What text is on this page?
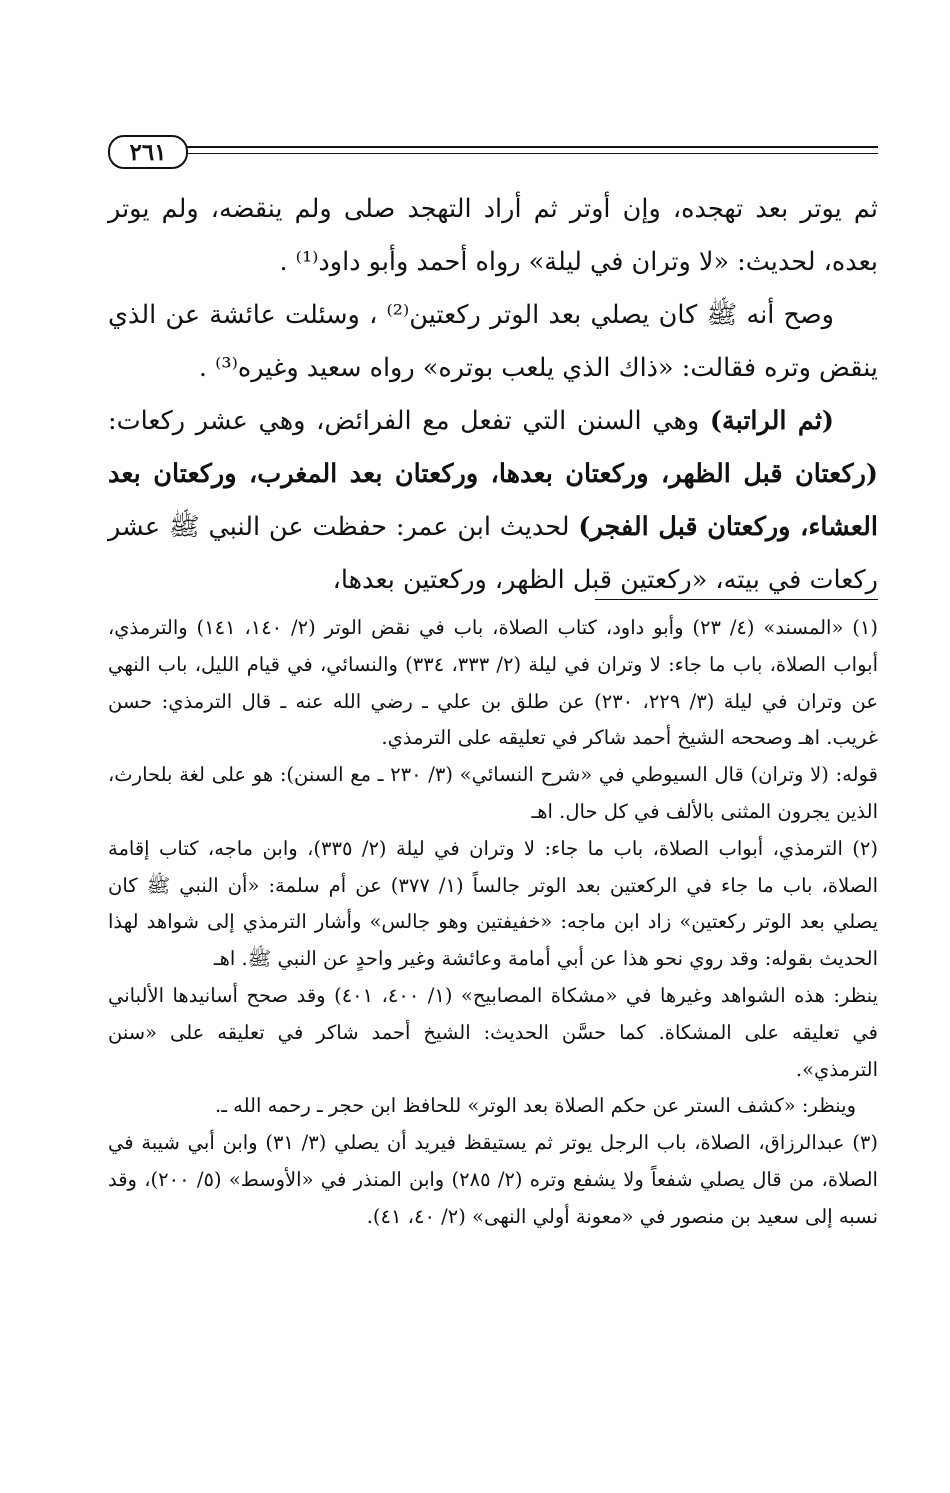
٢٦١

ثم يوتر بعد تهجده، وإن أوتر ثم أراد التهجد صلى ولم ينقضه، ولم يوتر بعده، لحديث: «لا وتران في ليلة» رواه أحمد وأبو داود⁽¹⁾ .

وصح أنه ﷺ كان يصلي بعد الوتر ركعتين⁽²⁾ ، وسئلت عائشة عن الذي ينقض وتره فقالت: «ذاك الذي يلعب بوتره» رواه سعيد وغيره⁽³⁾ .

(ثم الراتبة) وهي السنن التي تفعل مع الفرائض، وهي عشر ركعات: (ركعتان قبل الظهر، وركعتان بعدها، وركعتان بعد المغرب، وركعتان بعد العشاء، وركعتان قبل الفجر) لحديث ابن عمر: حفظت عن النبي ﷺ عشر ركعات في بيته، «ركعتين قبل الظهر، وركعتين بعدها،

(١) «المسند» (٤/ ٢٣) وأبو داود، كتاب الصلاة، باب في نقض الوتر (٢/ ١٤٠، ١٤١) والترمذي، أبواب الصلاة، باب ما جاء: لا وتران في ليلة (٢/ ٣٣٣، ٣٣٤) والنسائي، في قيام الليل، باب النهي عن وتران في ليلة (٣/ ٢٢٩، ٢٣٠) عن طلق بن علي ـ رضي الله عنه ـ قال الترمذي: حسن غريب. اهـ وصححه الشيخ أحمد شاكر في تعليقه على الترمذي.

قوله: (لا وتران) قال السيوطي في «شرح النسائي» (٣/ ٢٣٠ ـ مع السنن): هو على لغة بلحارث، الذين يجرون المثنى بالألف في كل حال. اهـ

(٢) الترمذي، أبواب الصلاة، باب ما جاء: لا وتران في ليلة (٢/ ٣٣٥)، وابن ماجه، كتاب إقامة الصلاة، باب ما جاء في الركعتين بعد الوتر جالساً (١/ ٣٧٧) عن أم سلمة: «أن النبي ﷺ كان يصلي بعد الوتر ركعتين» زاد ابن ماجه: «خفيفتين وهو جالس» وأشار الترمذي إلى شواهد لهذا الحديث بقوله: وقد روي نحو هذا عن أبي أمامة وعائشة وغير واحدٍ عن النبي ﷺ. اهـ

ينظر: هذه الشواهد وغيرها في «مشكاة المصابيح» (١/ ٤٠٠، ٤٠١) وقد صحح أسانيدها الألباني في تعليقه على المشكاة. كما حسَّن الحديث: الشيخ أحمد شاكر في تعليقه على «سنن الترمذي».

وينظر: «كشف الستر عن حكم الصلاة بعد الوتر» للحافظ ابن حجر ـ رحمه الله ـ.

(٣) عبدالرزاق، الصلاة، باب الرجل يوتر ثم يستيقظ فيريد أن يصلي (٣/ ٣١) وابن أبي شيبة في الصلاة، من قال يصلي شفعاً ولا يشفع وتره (٢/ ٢٨٥) وابن المنذر في «الأوسط» (٥/ ٢٠٠)، وقد نسبه إلى سعيد بن منصور في «معونة أولي النهى» (٢/ ٤٠، ٤١).
